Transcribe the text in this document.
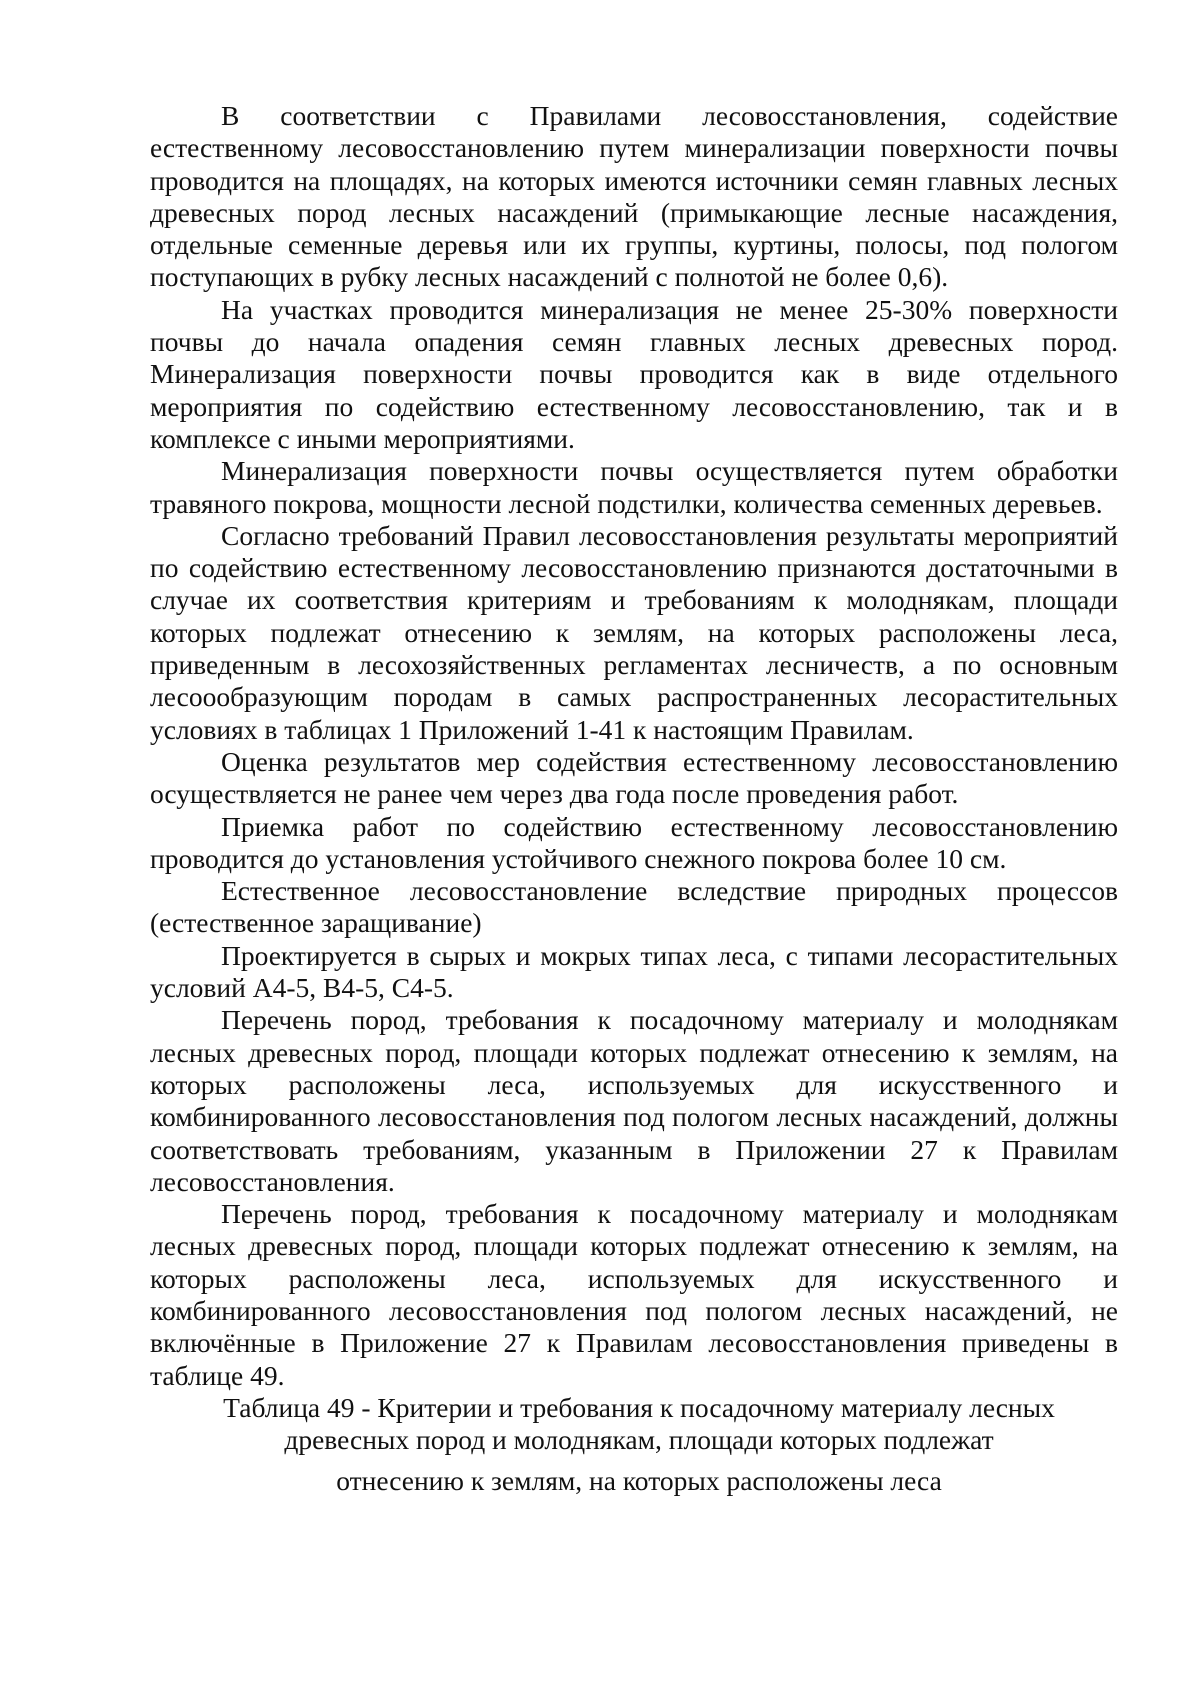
В соответствии с Правилами лесовосстановления, содействие естественному лесовосстановлению путем минерализации поверхности почвы проводится на площадях, на которых имеются источники семян главных лесных древесных пород лесных насаждений (примыкающие лесные насаждения, отдельные семенные деревья или их группы, куртины, полосы, под пологом поступающих в рубку лесных насаждений с полнотой не более 0,6).

На участках проводится минерализация не менее 25-30% поверхности почвы до начала опадения семян главных лесных древесных пород. Минерализация поверхности почвы проводится как в виде отдельного мероприятия по содействию естественному лесовосстановлению, так и в комплексе с иными мероприятиями.

Минерализация поверхности почвы осуществляется путем обработки травяного покрова, мощности лесной подстилки, количества семенных деревьев.

Согласно требований Правил лесовосстановления результаты мероприятий по содействию естественному лесовосстановлению признаются достаточными в случае их соответствия критериям и требованиям к молоднякам, площади которых подлежат отнесению к землям, на которых расположены леса, приведенным в лесохозяйственных регламентах лесничеств, а по основным лесоообразующим породам в самых распространенных лесорастительных условиях в таблицах 1 Приложений 1-41 к настоящим Правилам.

Оценка результатов мер содействия естественному лесовосстановлению осуществляется не ранее чем через два года после проведения работ.

Приемка работ по содействию естественному лесовосстановлению проводится до установления устойчивого снежного покрова более 10 см.

Естественное лесовосстановление вследствие природных процессов (естественное заращивание)

Проектируется в сырых и мокрых типах леса, с типами лесорастительных условий А4-5, В4-5, С4-5.

Перечень пород, требования к посадочному материалу и молоднякам лесных древесных пород, площади которых подлежат отнесению к землям, на которых расположены леса, используемых для искусственного и комбинированного лесовосстановления под пологом лесных насаждений, должны соответствовать требованиям, указанным в Приложении 27 к Правилам лесовосстановления.

Перечень пород, требования к посадочному материалу и молоднякам лесных древесных пород, площади которых подлежат отнесению к землям, на которых расположены леса, используемых для искусственного и комбинированного лесовосстановления под пологом лесных насаждений, не включённые в Приложение 27 к Правилам лесовосстановления приведены в таблице 49.

Таблица 49 - Критерии и требования к посадочному материалу лесных
древесных пород и молоднякам, площади которых подлежат
отнесению к землям, на которых расположены леса
